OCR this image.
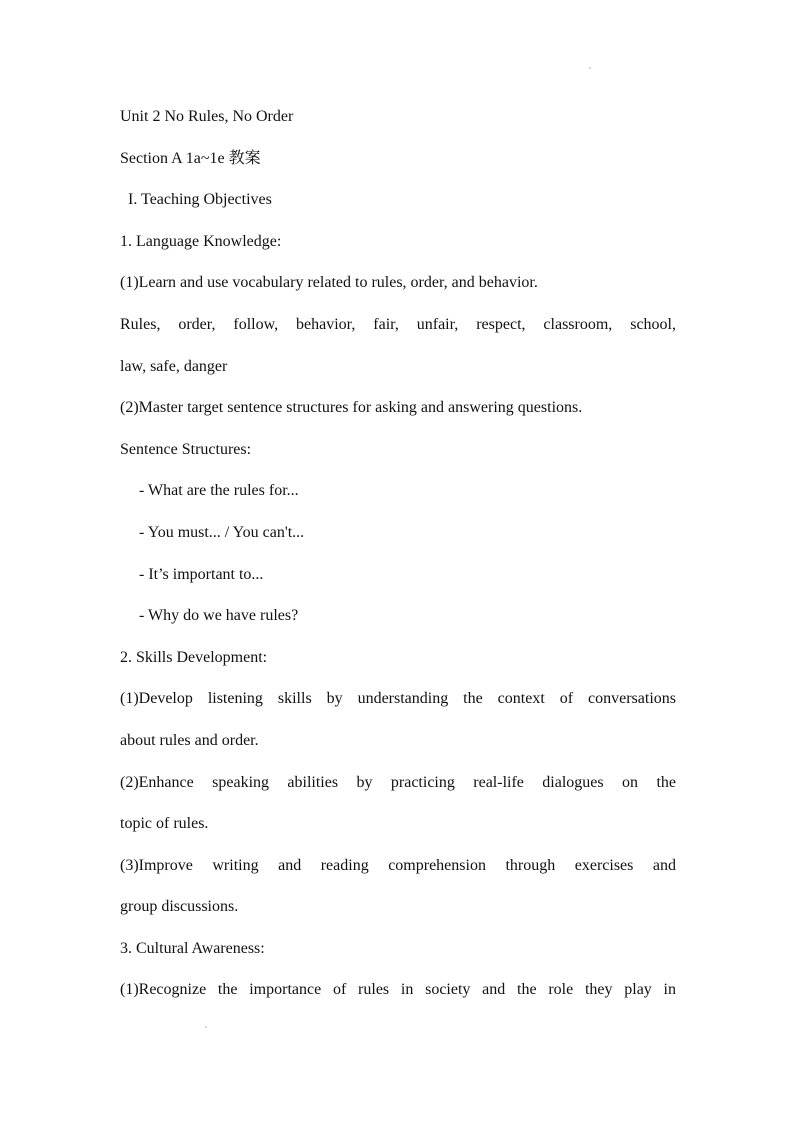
Unit 2 No Rules, No Order

Section A 1a~1e 教案

I. Teaching Objectives

1. Language Knowledge:

(1)Learn and use vocabulary related to rules, order, and behavior.

Rules, order, follow, behavior, fair, unfair, respect, classroom, school,

law, safe, danger

(2)Master target sentence structures for asking and answering questions.

Sentence Structures:

- What are the rules for...

- You must... / You can't...

- It’s important to...

- Why do we have rules?

2. Skills Development:

(1)Develop listening skills by understanding the context of conversations

about rules and order.

(2)Enhance speaking abilities by practicing real-life dialogues on the

topic of rules.

(3)Improve writing and reading comprehension through exercises and

group discussions.

3. Cultural Awareness:

(1)Recognize the importance of rules in society and the role they play in
